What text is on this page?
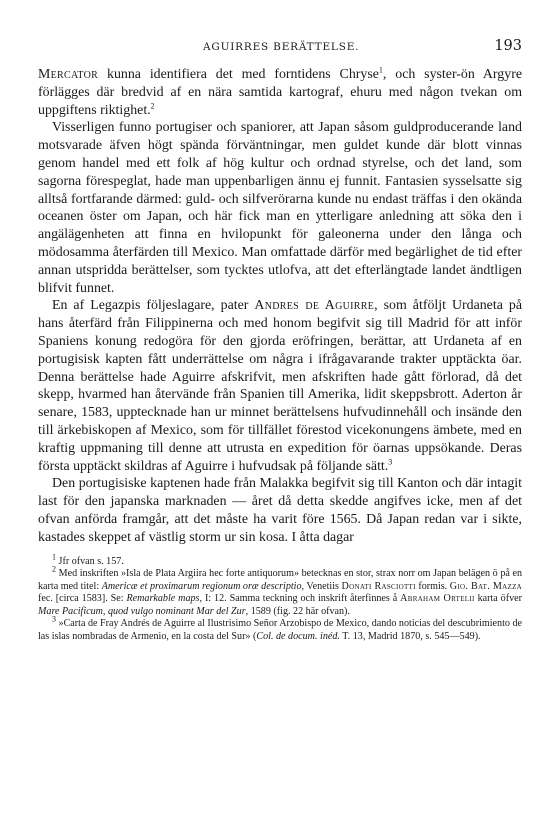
AGUIRRES BERÄTTELSE.	193

Mercator kunna identifiera det med forntidens Chryse$^1$, och syster-ön Argyre förlägges där bredvid af en nära samtida kartograf, ehuru med någon tvekan om uppgiftens riktighet.$^2$

Visserligen funno portugiser och spaniorer, att Japan såsom guldproducerande land motsvarade äfven högt spända förväntningar, men guldet kunde där blott vinnas genom handel med ett folk af hög kultur och ordnad styrelse, och det land, som sagorna förespeglat, hade man uppenbarligen ännu ej funnit. Fantasien sysselsatte sig alltså fortfarande därmed: guld- och silfverörarna kunde nu endast träffas i den okända oceanen öster om Japan, och här fick man en ytterligare anledning att söka den i angälägenheten att finna en hvilopunkt för galeonerna under den långa och mödosamma återfärden till Mexico. Man omfattade därför med begärlighet de tid efter annan utspridda berättelser, som tycktes utlofva, att det efterlängtade landet ändtligen blifvit funnet.

En af Legazpis följeslagare, pater Andres de Aguirre, som åtföljt Urdaneta på hans återfärd från Filippinerna och med honom begifvit sig till Madrid för att inför Spaniens konung redogöra för den gjorda eröfringen, berättar, att Urdaneta af en portugisisk kapten fått underrättelse om några i ifrågavarande trakter upptäckta öar. Denna berättelse hade Aguirre afskrifvit, men afskriften hade gått förlorad, då det skepp, hvarmed han återvände från Spanien till Amerika, lidit skeppsbrott. Aderton år senare, 1583, upptecknade han ur minnet berättelsens hufvudinnehåll och insände den till ärkebiskopen af Mexico, som för tillfället förestod vicekonungens ämbete, med en kraftig uppmaning till denne att utrusta en expedition för öarnas uppsökande. Deras första upptäckt skildras af Aguirre i hufvudsak på följande sätt.$^3$

Den portugisiske kaptenen hade från Malakka begifvit sig till Kanton och där intagit last för den japanska marknaden — året då detta skedde angifves icke, men af det ofvan anförda framgår, att det måste ha varit före 1565. Då Japan redan var i sikte, kastades skeppet af västlig storm ur sin kosa. I åtta dagar

$^1$ Jfr ofvan s. 157.

$^2$ Med inskriften »Isla de Plata Argiira hec forte antiquorum» betecknas en stor, strax norr om Japan belägen ö på en karta med titel: Americæ et proximarum regionum oræ descriptio, Venetiis Donati Rasciotti formis. Gio. Bat. Mazza fec. [circa 1583]. Se: Remarkable maps, I: 12. Samma teckning och inskrift återfinnes å Abraham Ortelii karta öfver Mare Pacificum, quod vulgo nominant Mar del Zur, 1589 (fig. 22 här ofvan).

$^3$ »Carta de Fray Andrés de Aguirre al Ilustrisimo Señor Arzobispo de Mexico, dando noticias del descubrimiento de las islas nombradas de Armenio, en la costa del Sur» (Col. de docum. inéd. T. 13, Madrid 1870, s. 545—549).
